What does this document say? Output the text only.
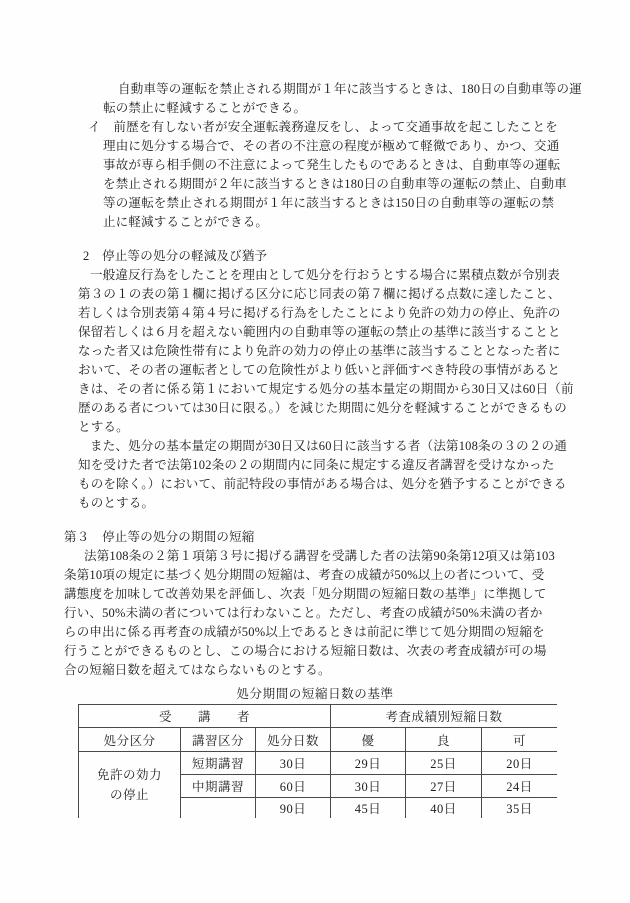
自動車等の運転を禁止される期間が１年に該当するときは、180日の自動車等の運
転の禁止に軽減することができる。
イ　前歴を有しない者が安全運転義務違反をし、よって交通事故を起こしたことを
理由に処分する場合で、その者の不注意の程度が極めて軽微であり、かつ、交通
事故が専ら相手側の不注意によって発生したものであるときは、自動車等の運転
を禁止される期間が２年に該当するときは180日の自動車等の運転の禁止、自動車
等の運転を禁止される期間が１年に該当するときは150日の自動車等の運転の禁
止に軽減することができる。
2　停止等の処分の軽減及び猶予
一般違反行為をしたことを理由として処分を行おうとする場合に累積点数が令別表
第３の１の表の第１欄に掲げる区分に応じ同表の第７欄に掲げる点数に達したこと、
若しくは令別表第４第４号に掲げる行為をしたことにより免許の効力の停止、免許の
保留若しくは６月を超えない範囲内の自動車等の運転の禁止の基準に該当することと
なった者又は危険性帯有により免許の効力の停止の基準に該当することとなった者に
おいて、その者の運転者としての危険性がより低いと評価すべき特段の事情があると
きは、その者に係る第１において規定する処分の基本量定の期間から30日又は60日（前
歴のある者については30日に限る。）を減じた期間に処分を軽減することができるもの
とする。
また、処分の基本量定の期間が30日又は60日に該当する者（法第108条の３の２の通
知を受けた者で法第102条の２の期間内に同条に規定する違反者講習を受けなかった
ものを除く。）において、前記特段の事情がある場合は、処分を猶予することができる
ものとする。
第３　停止等の処分の期間の短縮
法第108条の２第１項第３号に掲げる講習を受講した者の法第90条第12項又は第103
条第10項の規定に基づく処分期間の短縮は、考査の成績が50%以上の者について、受
講態度を加味して改善効果を評価し、次表「処分期間の短縮日数の基準」に準拠して
行い、50%未満の者については行わないこと。ただし、考査の成績が50%未満の者か
らの申出に係る再考査の成績が50%以上であるときは前記に準じて処分期間の短縮を
行うことができるものとし、この場合における短縮日数は、次表の考査成績が可の場
合の短縮日数を超えてはならないものとする。
処分期間の短縮日数の基準
受　　講　　者			考査成績別短縮日数		
処分区分	講習区分	処分日数	優	良	可
免許の効力
の停止	短期講習	30日	29日	25日	20日
	中期講習	60日	30日	27日	24日
		90日	45日	40日	35日
